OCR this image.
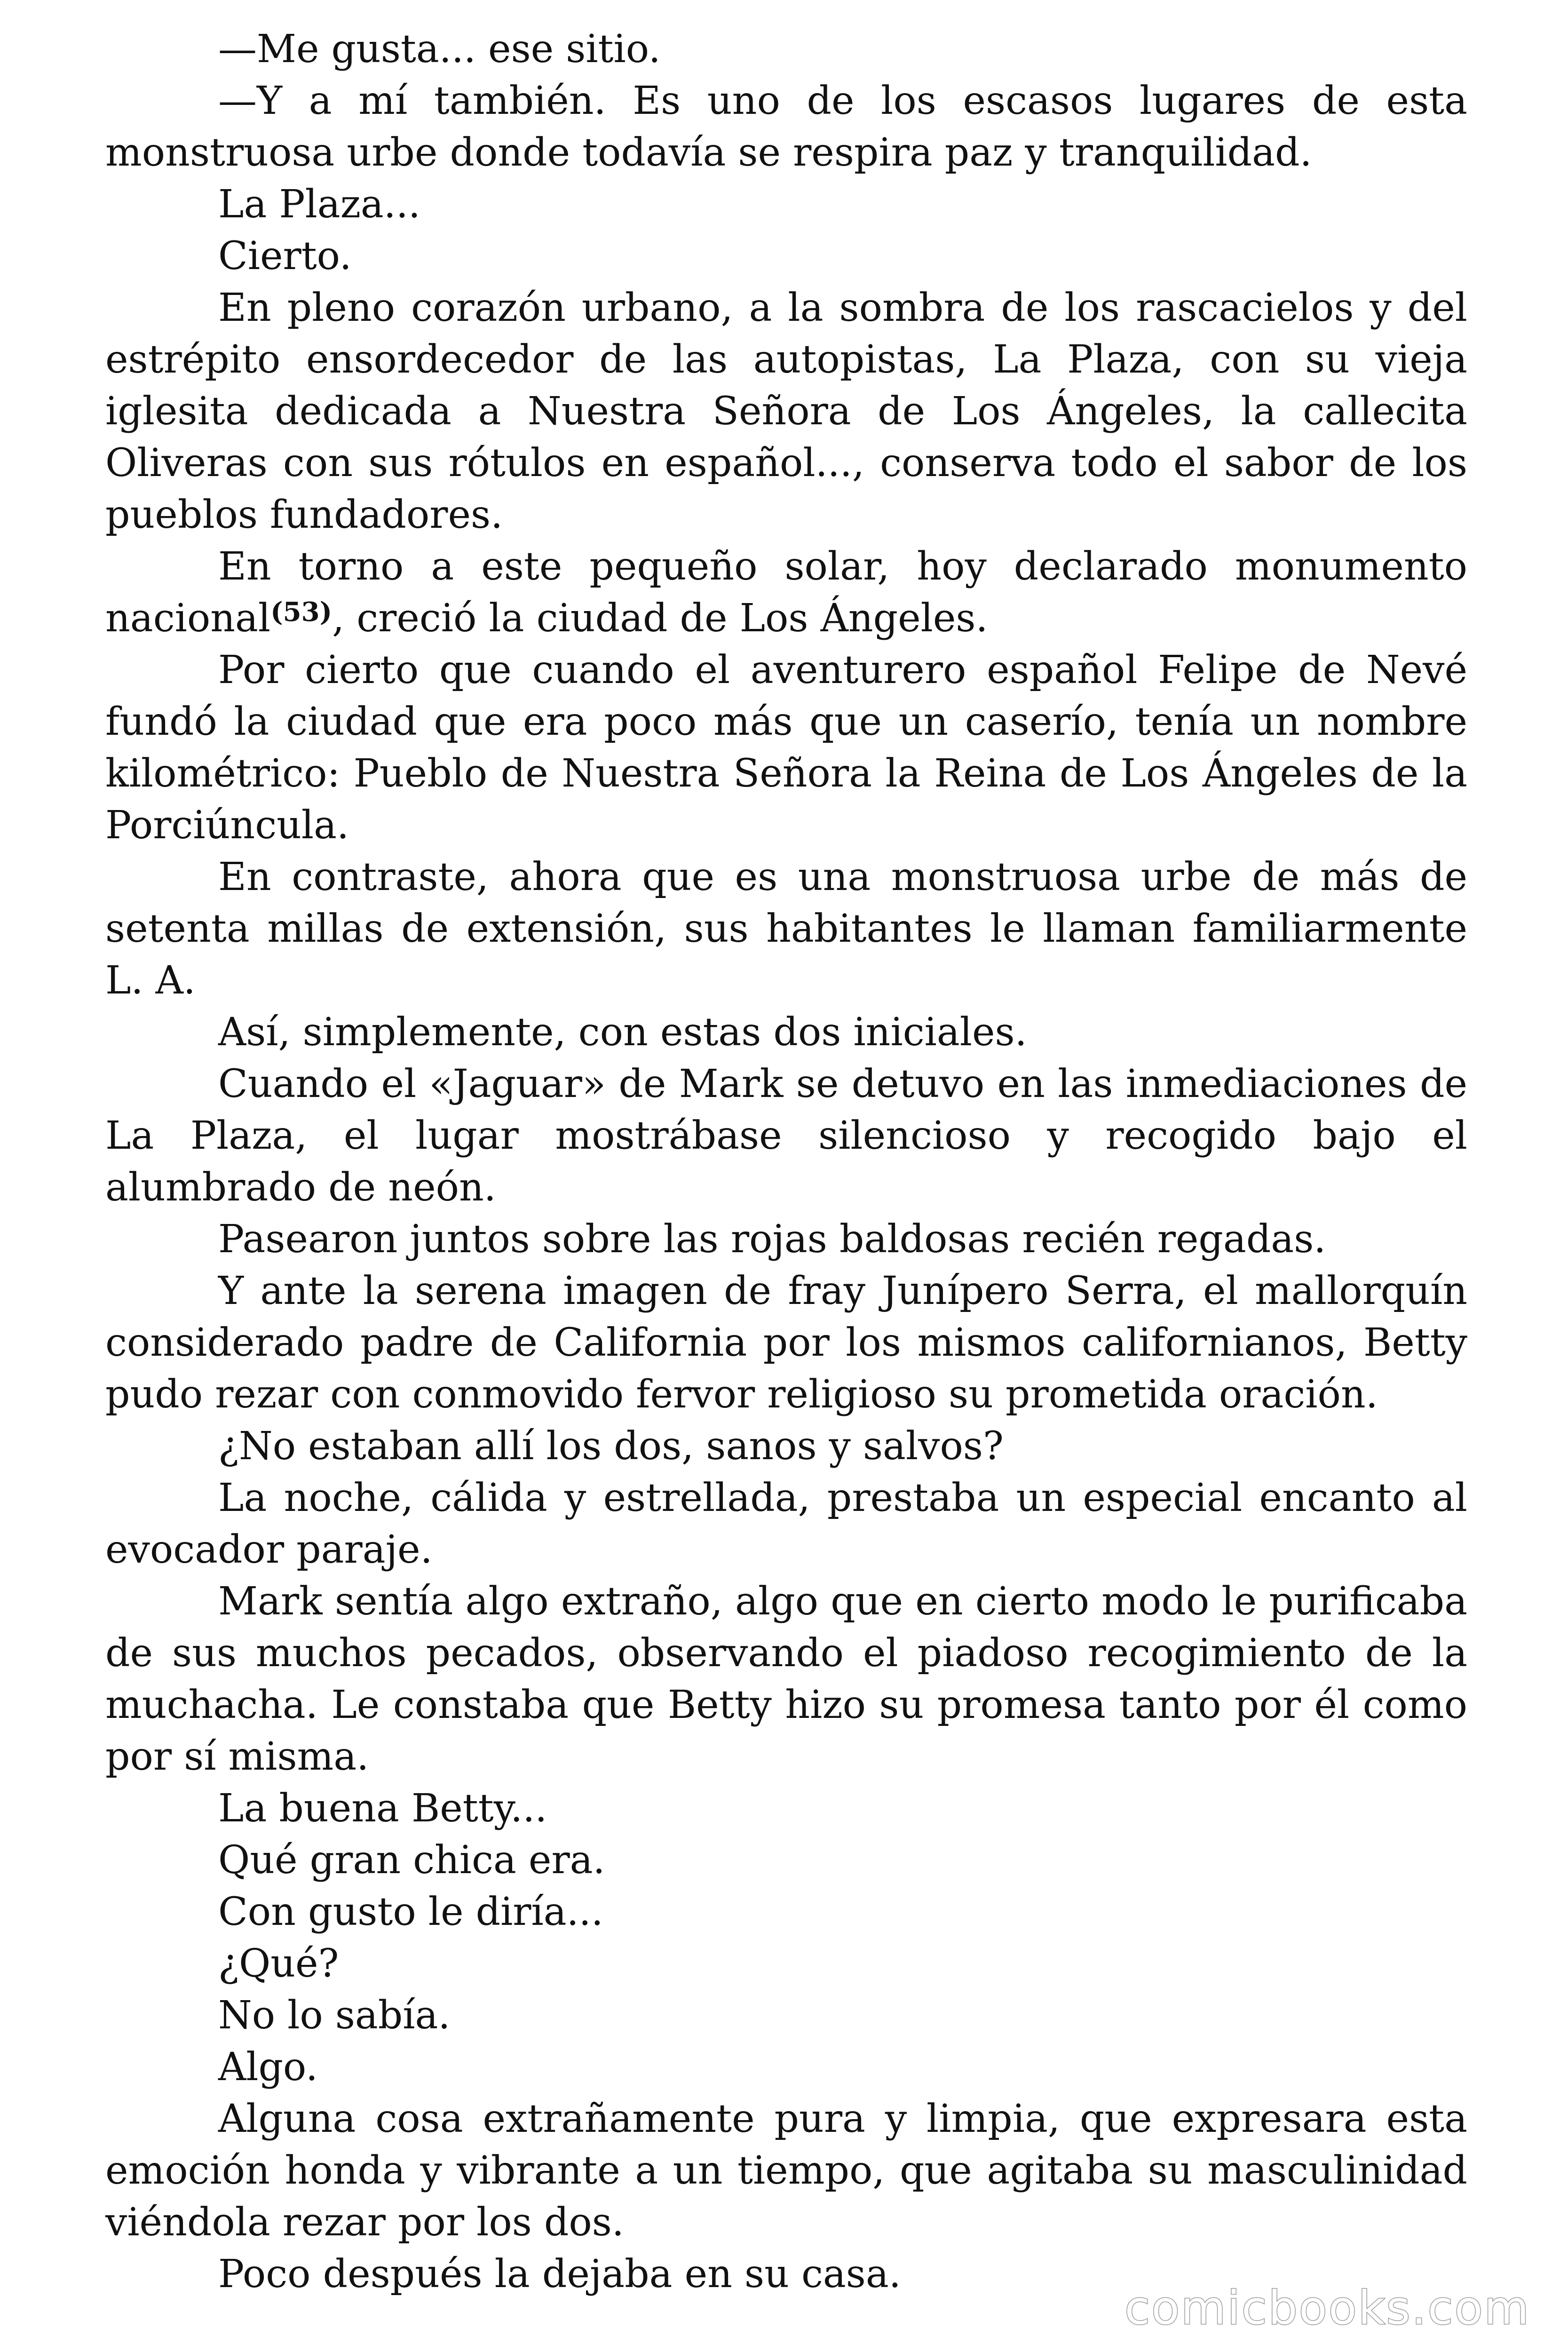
—Me gusta... ese sitio.

—Y a mí también. Es uno de los escasos lugares de esta monstruosa urbe donde todavía se respira paz y tranquilidad.

La Plaza...

Cierto.

En pleno corazón urbano, a la sombra de los rascacielos y del estrépito ensordecedor de las autopistas, La Plaza, con su vieja iglesita dedicada a Nuestra Señora de Los Ángeles, la callecita Oliveras con sus rótulos en español..., conserva todo el sabor de los pueblos fundadores.

En torno a este pequeño solar, hoy declarado monumento nacional$^{(53)}$, creció la ciudad de Los Ángeles.

Por cierto que cuando el aventurero español Felipe de Nevé fundó la ciudad que era poco más que un caserío, tenía un nombre kilométrico: Pueblo de Nuestra Señora la Reina de Los Ángeles de la Porciúncula.

En contraste, ahora que es una monstruosa urbe de más de setenta millas de extensión, sus habitantes le llaman familiarmente L. A.

Así, simplemente, con estas dos iniciales.

Cuando el «Jaguar» de Mark se detuvo en las inmediaciones de La Plaza, el lugar mostrábase silencioso y recogido bajo el alumbrado de neón.

Pasearon juntos sobre las rojas baldosas recién regadas.

Y ante la serena imagen de fray Junípero Serra, el mallorquín considerado padre de California por los mismos californianos, Betty pudo rezar con conmovido fervor religioso su prometida oración.

¿No estaban allí los dos, sanos y salvos?

La noche, cálida y estrellada, prestaba un especial encanto al evocador paraje.

Mark sentía algo extraño, algo que en cierto modo le purificaba de sus muchos pecados, observando el piadoso recogimiento de la muchacha. Le constaba que Betty hizo su promesa tanto por él como por sí misma.

La buena Betty...

Qué gran chica era.

Con gusto le diría...

¿Qué?

No lo sabía.

Algo.

Alguna cosa extrañamente pura y limpia, que expresara esta emoción honda y vibrante a un tiempo, que agitaba su masculinidad viéndola rezar por los dos.

Poco después la dejaba en su casa.

comicbooks.com
